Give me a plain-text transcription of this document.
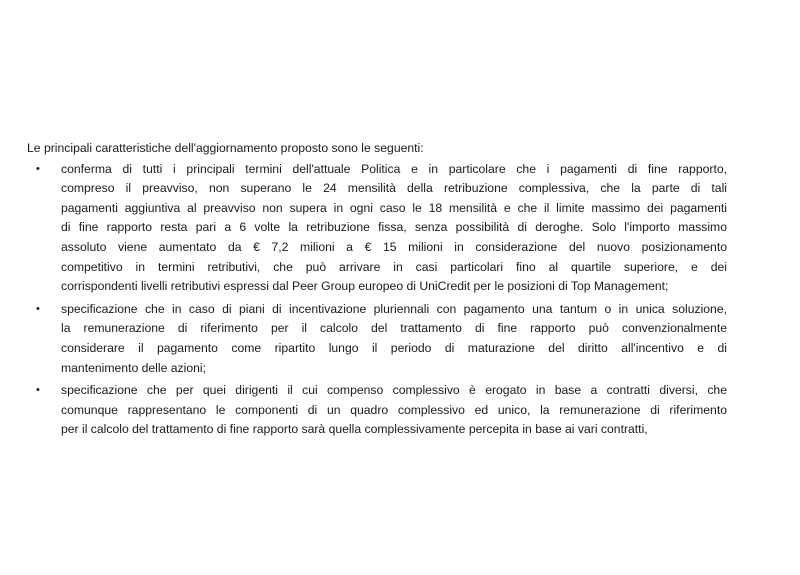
Le principali caratteristiche dell'aggiornamento proposto sono le seguenti:

• conferma di tutti i principali termini dell'attuale Politica e in particolare che i pagamenti di fine rapporto,
compreso il preavviso, non superano le 24 mensilità della retribuzione complessiva, che la parte di tali
pagamenti aggiuntiva al preavviso non supera in ogni caso le 18 mensilità e che il limite massimo dei pagamenti
di fine rapporto resta pari a 6 volte la retribuzione fissa, senza possibilità di deroghe. Solo l'importo massimo
assoluto viene aumentato da € 7,2 milioni a € 15 milioni in considerazione del nuovo posizionamento
competitivo in termini retributivi, che può arrivare in casi particolari fino al quartile superiore, e dei
corrispondenti livelli retributivi espressi dal Peer Group europeo di UniCredit per le posizioni di Top Management;
• specificazione che in caso di piani di incentivazione pluriennali con pagamento una tantum o in unica soluzione,
la remunerazione di riferimento per il calcolo del trattamento di fine rapporto può convenzionalmente
considerare il pagamento come ripartito lungo il periodo di maturazione del diritto all'incentivo e di
mantenimento delle azioni;
• specificazione che per quei dirigenti il cui compenso complessivo è erogato in base a contratti diversi, che
comunque rappresentano le componenti di un quadro complessivo ed unico, la remunerazione di riferimento
per il calcolo del trattamento di fine rapporto sarà quella complessivamente percepita in base ai vari contratti,
